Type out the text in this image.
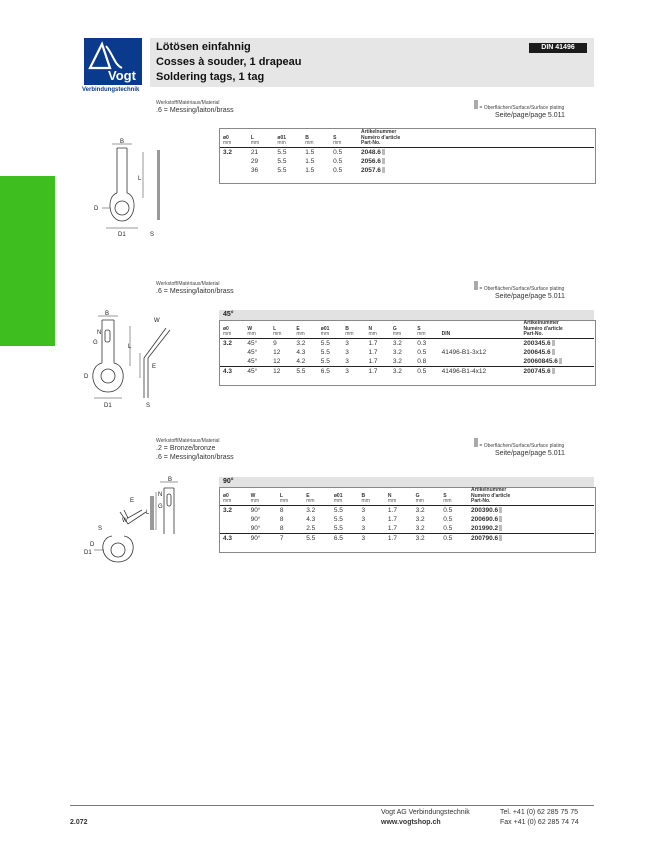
Vogt
Verbindungstechnik
Lötösen einfahnig
Cosses à souder, 1 drapeau
Soldering tags, 1 tag
DIN 41496
Werkstoff/Matériaux/Material
.6 = Messing/laiton/brass	= Oberflächen/Surface/Surface plating
Seite/page/page 5.011
B
L
D
D1	S
ø0
mm	L
mm	ø01
mm	B
mm	S
mm	Artikelnummer
Numéro d'article
Part-No.
3.2	21	5.5	1.5	0.5	2048.6
	29	5.5	1.5	0.5	2056.6
	36	5.5	1.5	0.5	2057.6
Werkstoff/Matériaux/Material
.6 = Messing/laiton/brass	= Oberflächen/Surface/Surface plating
Seite/page/page 5.011
45°
B
W
N
G
L
E
D
D1	S
ø0
mm	W
mm	L
mm	E
mm	ø01
mm	B
mm	N
mm	G
mm	S
mm	DIN	Artikelnummer
Numéro d'article
Part-No.
3.2	45°	9	3.2	5.5	3	1.7	3.2	0.3		200345.6
	45°	12	4.3	5.5	3	1.7	3.2	0.5	41496-B1-3x12	200645.6
	45°	12	4.2	5.5	3	1.7	3.2	0.8		20060845.6
4.3	45°	12	5.5	6.5	3	1.7	3.2	0.5	41496-B1-4x12	200745.6
Werkstoff/Matériaux/Material
.2 = Bronze/bronze
.6 = Messing/laiton/brass
= Oberflächen/Surface/Surface plating
Seite/page/page 5.011
90°
B
S
E
W
L
G
N
D
D1
ø0
mm	W
mm	L
mm	E
mm	ø01
mm	B
mm	N
mm	G
mm	S
mm	Artikelnummer
Numéro d'article
Part-No.
3.2	90°	8	3.2	5.5	3	1.7	3.2	0.5	200390.6
	90°	8	4.3	5.5	3	1.7	3.2	0.5	200690.6
	90°	8	2.5	5.5	3	1.7	3.2	0.5	201990.2
4.3	90°	7	5.5	6.5	3	1.7	3.2	0.5	200790.6
2.072
Vogt AG Verbindungstechnik
www.vogtshop.ch
Tel. +41 (0) 62 285 75 75
Fax +41 (0) 62 285 74 74
